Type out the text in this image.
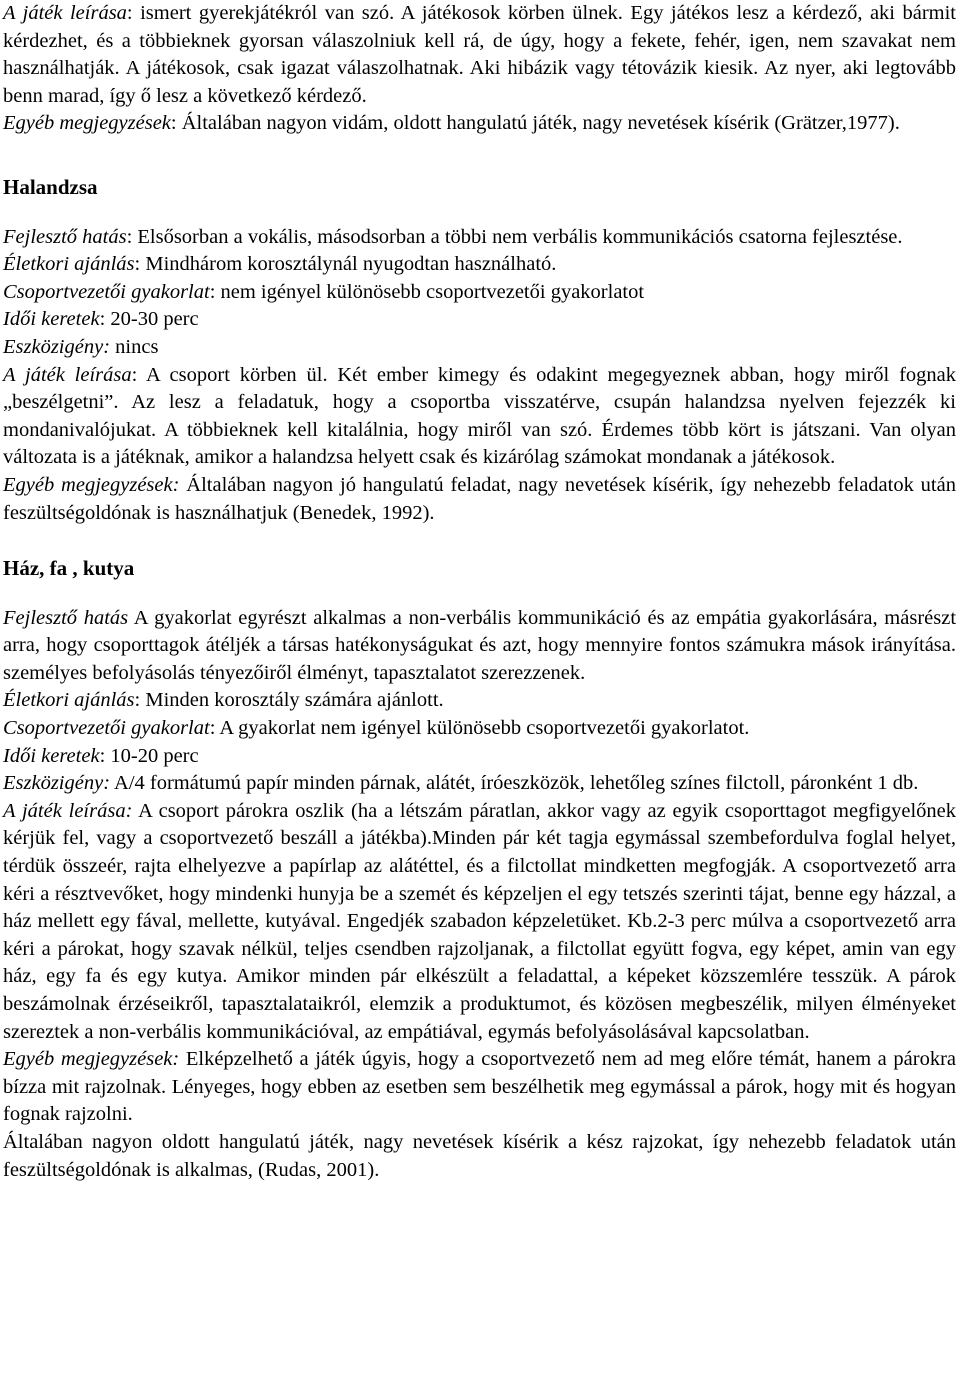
A játék leírása: ismert gyerekjátékról van szó. A játékosok körben ülnek. Egy játékos lesz a kérdező, aki bármit kérdezhet, és a többieknek gyorsan válaszolniuk kell rá, de úgy, hogy a fekete, fehér, igen, nem szavakat nem használhatják. A játékosok, csak igazat válaszolhatnak. Aki hibázik vagy tétovázik kiesik. Az nyer, aki legtovább benn marad, így ő lesz a következő kérdező.

Egyéb megjegyzések: Általában nagyon vidám, oldott hangulatú játék, nagy nevetések kísérik (Grätzer,1977).

Halandzsa

Fejlesztő hatás: Elsősorban a vokális, másodsorban a többi nem verbális kommunikációs csatorna fejlesztése.

Életkori ajánlás: Mindhárom korosztálynál nyugodtan használható.

Csoportvezetői gyakorlat: nem igényel különösebb csoportvezetői gyakorlatot

Idői keretek: 20-30 perc

Eszközigény: nincs

A játék leírása: A csoport körben ül. Két ember kimegy és odakint megegyeznek abban, hogy miről fognak „beszélgetni”. Az lesz a feladatuk, hogy a csoportba visszatérve, csupán halandzsa nyelven fejezzék ki mondanivalójukat. A többieknek kell kitalálnia, hogy miről van szó. Érdemes több kört is játszani. Van olyan változata is a játéknak, amikor a halandzsa helyett csak és kizárólag számokat mondanak a játékosok.

Egyéb megjegyzések: Általában nagyon jó hangulatú feladat, nagy nevetések kísérik, így nehezebb feladatok után feszültségoldónak is használhatjuk (Benedek, 1992).

Ház, fa , kutya

Fejlesztő hatás A gyakorlat egyrészt alkalmas a non-verbális kommunikáció és az empátia gyakorlására, másrészt arra, hogy csoporttagok átéljék a társas hatékonyságukat és azt, hogy mennyire fontos számukra mások irányítása. személyes befolyásolás tényezőiről élményt, tapasztalatot szerezzenek.

Életkori ajánlás: Minden korosztály számára ajánlott.

Csoportvezetői gyakorlat: A gyakorlat nem igényel különösebb csoportvezetői gyakorlatot.

Idői keretek: 10-20 perc

Eszközigény: A/4 formátumú papír minden párnak, alátét, íróeszközök, lehetőleg színes filctoll, páronként 1 db.

A játék leírása: A csoport párokra oszlik (ha a létszám páratlan, akkor vagy az egyik csoporttagot megfigyelőnek kérjük fel, vagy a csoportvezető beszáll a játékba).Minden pár két tagja egymással szembefordulva foglal helyet, térdük összeér, rajta elhelyezve a papírlap az alátéttel, és a filctollat mindketten megfogják. A csoportvezető arra kéri a résztvevőket, hogy mindenki hunyja be a szemét és képzeljen el egy tetszés szerinti tájat, benne egy házzal, a ház mellett egy fával, mellette, kutyával. Engedjék szabadon képzeletüket. Kb.2-3 perc múlva a csoportvezető arra kéri a párokat, hogy szavak nélkül, teljes csendben rajzoljanak, a filctollat együtt fogva, egy képet, amin van egy ház, egy fa és egy kutya. Amikor minden pár elkészült a feladattal, a képeket közszemlére tesszük. A párok beszámolnak érzéseikről, tapasztalataikról, elemzik a produktumot, és közösen megbeszélik, milyen élményeket szereztek a non-verbális kommunikációval, az empátiával, egymás befolyásolásával kapcsolatban.

Egyéb megjegyzések: Elképzelhető a játék úgyis, hogy a csoportvezető nem ad meg előre témát, hanem a párokra bízza mit rajzolnak. Lényeges, hogy ebben az esetben sem beszélhetik meg egymással a párok, hogy mit és hogyan fognak rajzolni.

Általában nagyon oldott hangulatú játék, nagy nevetések kísérik a kész rajzokat, így nehezebb feladatok után feszültségoldónak is alkalmas, (Rudas, 2001).
